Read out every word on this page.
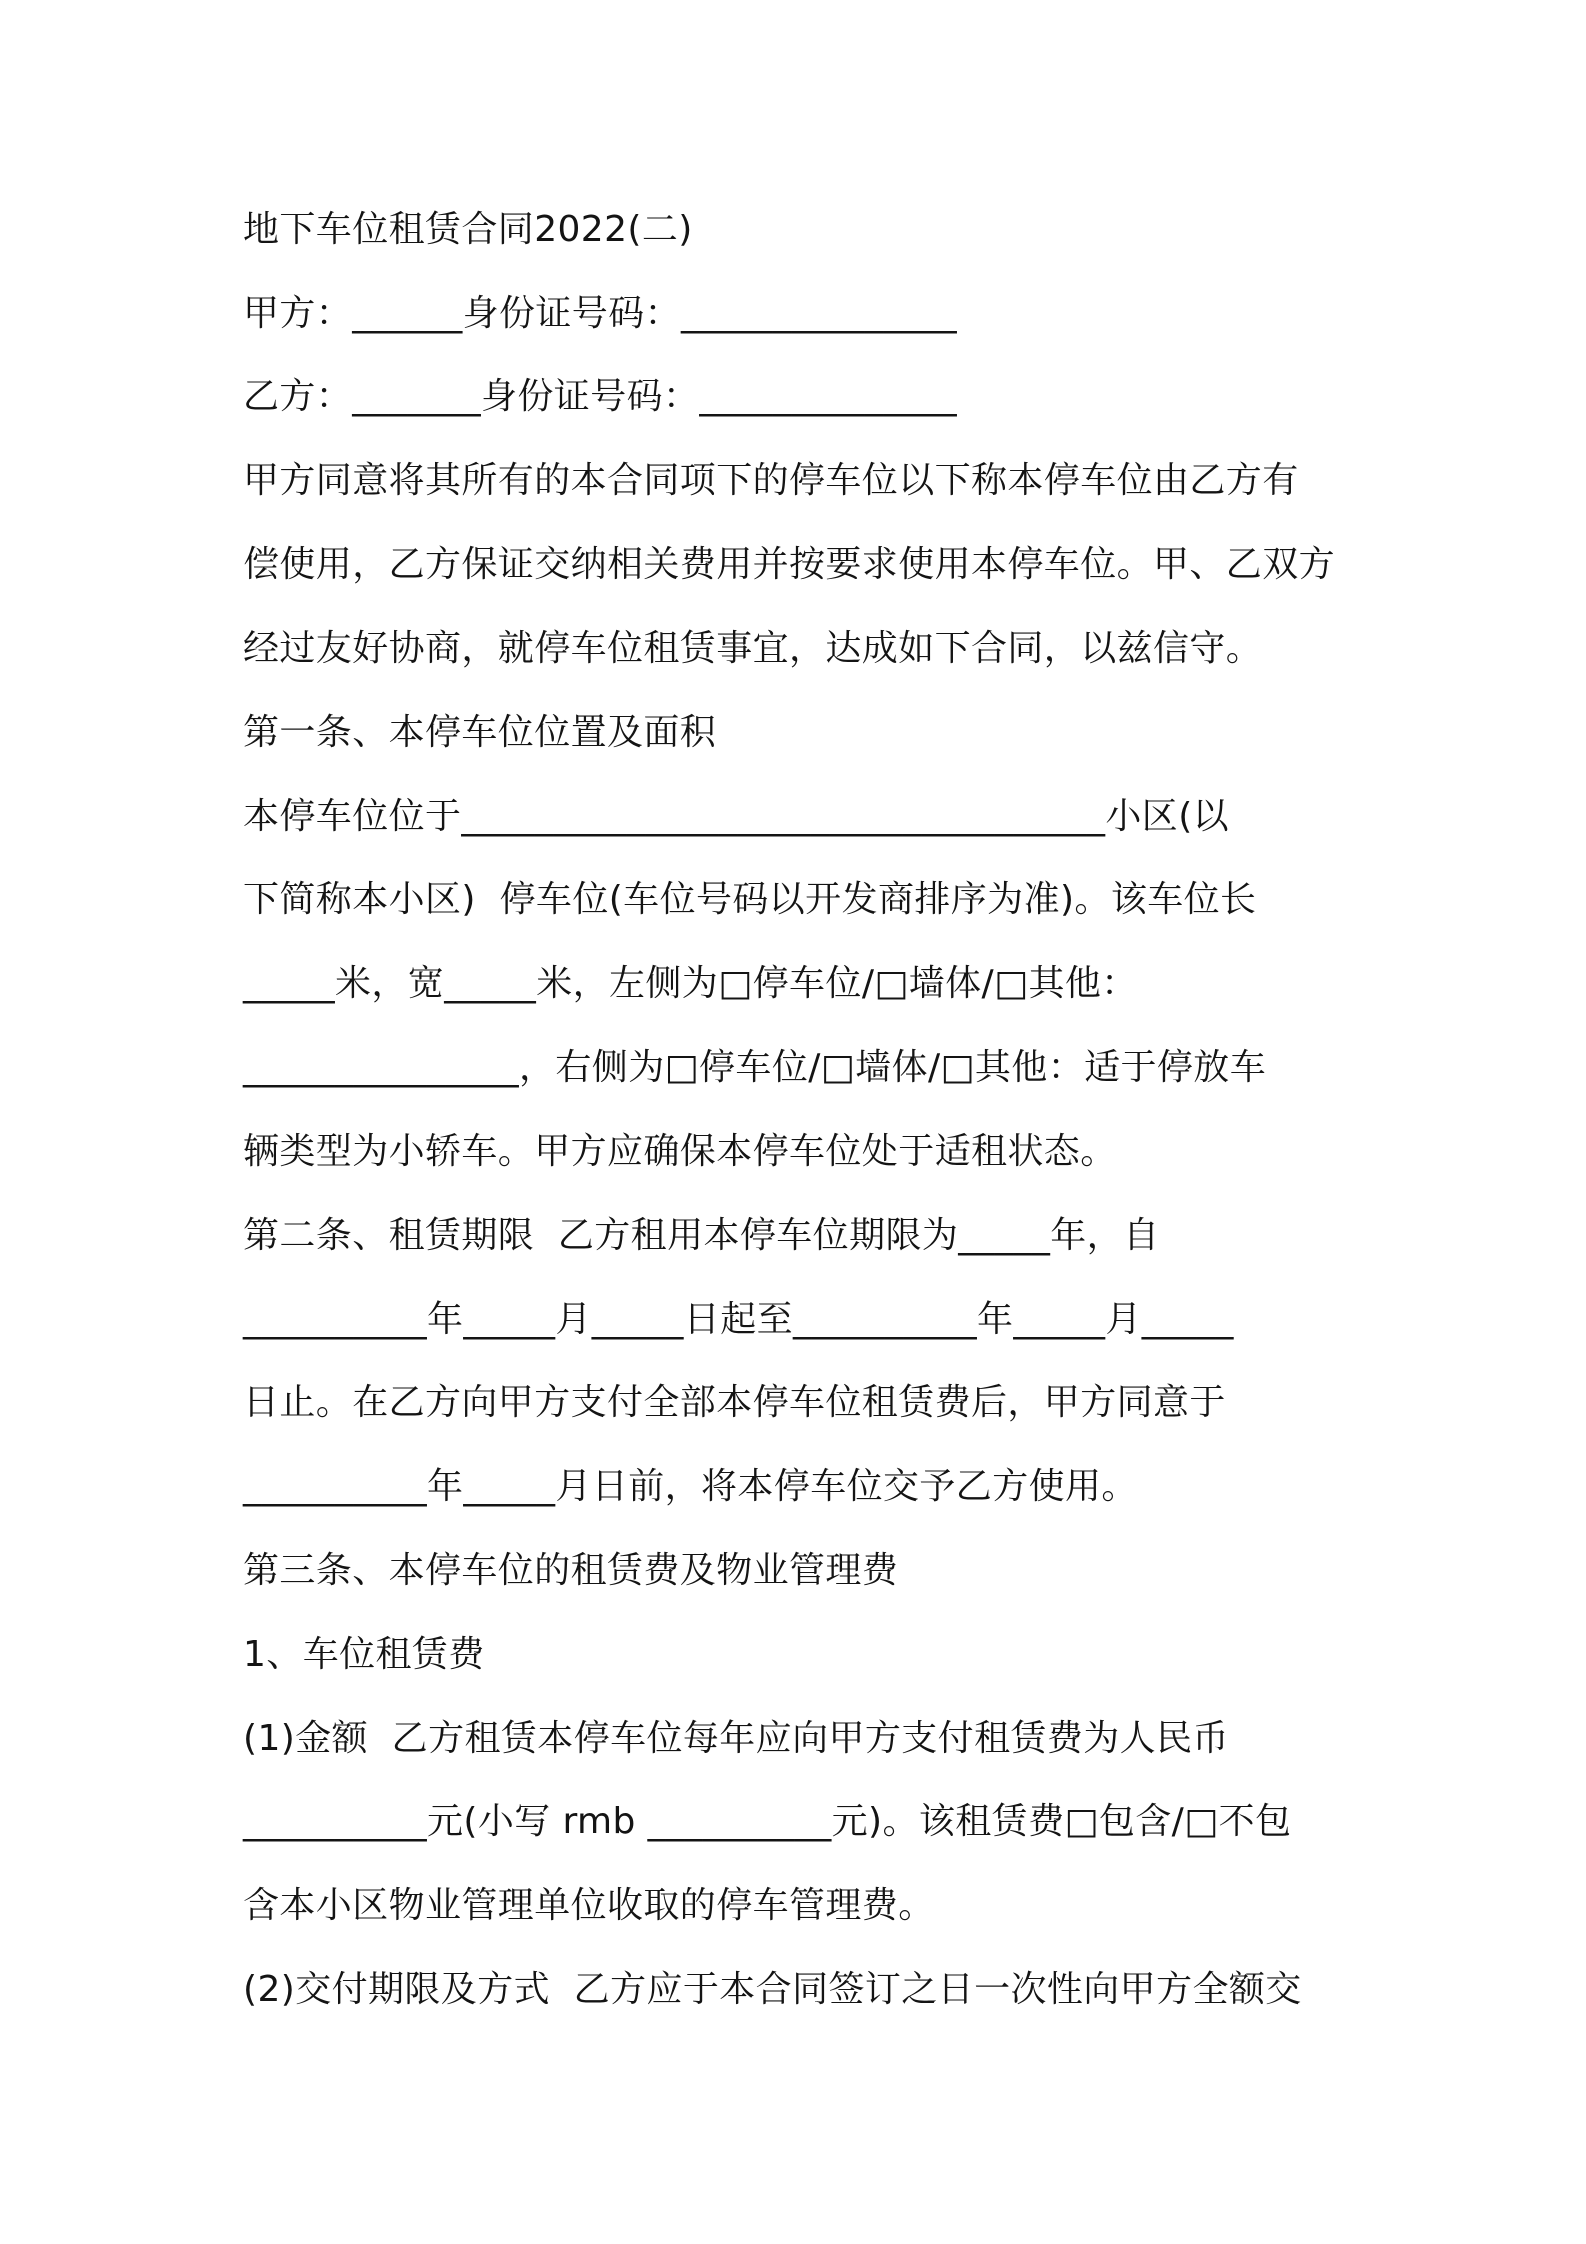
地下车位租赁合同2022(二)
甲方：______身份证号码：_______________
乙方：_______身份证号码：______________
甲方同意将其所有的本合同项下的停车位以下称本停车位由乙方有
偿使用，乙方保证交纳相关费用并按要求使用本停车位。甲、乙双方
经过友好协商，就停车位租赁事宜，达成如下合同，以兹信守。
第一条、本停车位位置及面积
本停车位位于___________________________________小区(以
下简称本小区)  停车位(车位号码以开发商排序为准)。该车位长
_____米，宽_____米，左侧为□停车位/□墙体/□其他：
_______________，右侧为□停车位/□墙体/□其他：适于停放车
辆类型为小轿车。甲方应确保本停车位处于适租状态。
第二条、租赁期限  乙方租用本停车位期限为_____年，自
__________年_____月_____日起至__________年_____月_____
日止。在乙方向甲方支付全部本停车位租赁费后，甲方同意于
__________年_____月日前，将本停车位交予乙方使用。
第三条、本停车位的租赁费及物业管理费
1、车位租赁费
(1)金额  乙方租赁本停车位每年应向甲方支付租赁费为人民币
__________元(小写 rmb __________元)。该租赁费□包含/□不包
含本小区物业管理单位收取的停车管理费。
(2)交付期限及方式  乙方应于本合同签订之日一次性向甲方全额交
